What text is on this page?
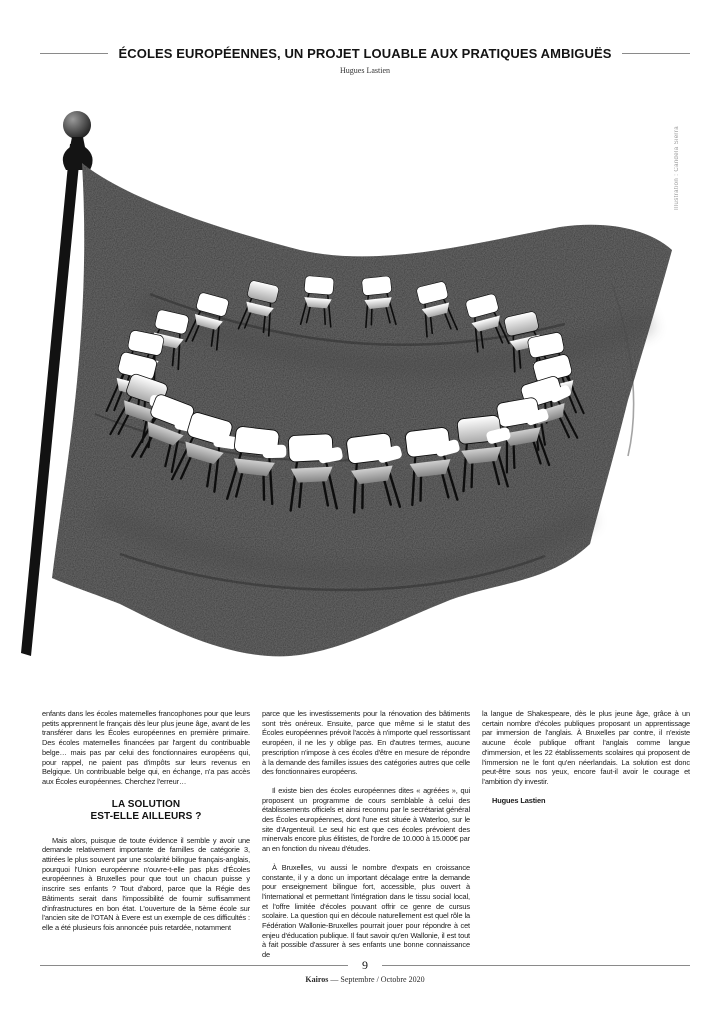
ÉCOLES EUROPÉENNES, UN PROJET LOUABLE AUX PRATIQUES AMBIGUËS
Hugues Lastien
Illustration : Candela Sierra

enfants dans les écoles maternelles francophones pour que leurs petits apprennent le français dès leur plus jeune âge, avant de les transférer dans les Écoles européennes en première primaire. Des écoles maternelles financées par l'argent du contribuable belge… mais pas par celui des fonctionnaires européens qui, pour rappel, ne paient pas d'impôts sur leurs revenus en Belgique. Un contribuable belge qui, en échange, n'a pas accès aux Écoles européennes. Cherchez l'erreur…

LA SOLUTION
EST-ELLE AILLEURS ?

Mais alors, puisque de toute évidence il semble y avoir une demande relativement importante de familles de catégorie 3, attirées le plus souvent par une scolarité bilingue français-anglais, pourquoi l'Union européenne n'ouvre-t-elle pas plus d'Écoles européennes à Bruxelles pour que tout un chacun puisse y inscrire ses enfants ? Tout d'abord, parce que la Régie des Bâtiments serait dans l'impossibilité de fournir suffisamment d'infrastructures en bon état. L'ouverture de la 5ème école sur l'ancien site de l'OTAN à Evere est un exemple de ces difficultés : elle a été plusieurs fois annoncée puis retardée, notamment

parce que les investissements pour la rénovation des bâtiments sont très onéreux. Ensuite, parce que même si le statut des Écoles européennes prévoit l'accès à n'importe quel ressortissant européen, il ne les y oblige pas. En d'autres termes, aucune prescription n'impose à ces écoles d'être en mesure de répondre à la demande des familles issues des catégories autres que celle des fonctionnaires européens.

Il existe bien des écoles européennes dites « agréées », qui proposent un programme de cours semblable à celui des établissements officiels et ainsi reconnu par le secrétariat général des Écoles européennes, dont l'une est située à Waterloo, sur le site d'Argenteuil. Le seul hic est que ces écoles prévoient des minervals encore plus élitistes, de l'ordre de 10.000 à 15.000€ par an en fonction du niveau d'études.

À Bruxelles, vu aussi le nombre d'expats en croissance constante, il y a donc un important décalage entre la demande pour enseignement bilingue fort, accessible, plus ouvert à l'international et permettant l'intégration dans le tissu social local, et l'offre limitée d'écoles pouvant offrir ce genre de cursus scolaire. La question qui en découle naturellement est quel rôle la Fédération Wallonie-Bruxelles pourrait jouer pour répondre à cet enjeu d'éducation publique. Il faut savoir qu'en Wallonie, il est tout à fait possible d'assurer à ses enfants une bonne connaissance de

la langue de Shakespeare, dès le plus jeune âge, grâce à un certain nombre d'écoles publiques proposant un apprentissage par immersion de l'anglais. À Bruxelles par contre, il n'existe aucune école publique offrant l'anglais comme langue d'immersion, et les 22 établissements scolaires qui proposent de l'immersion ne le font qu'en néerlandais. La solution est donc peut-être sous nos yeux, encore faut-il avoir le courage et l'ambition d'y investir.

Hugues Lastien

9
Kairos — Septembre / Octobre 2020
